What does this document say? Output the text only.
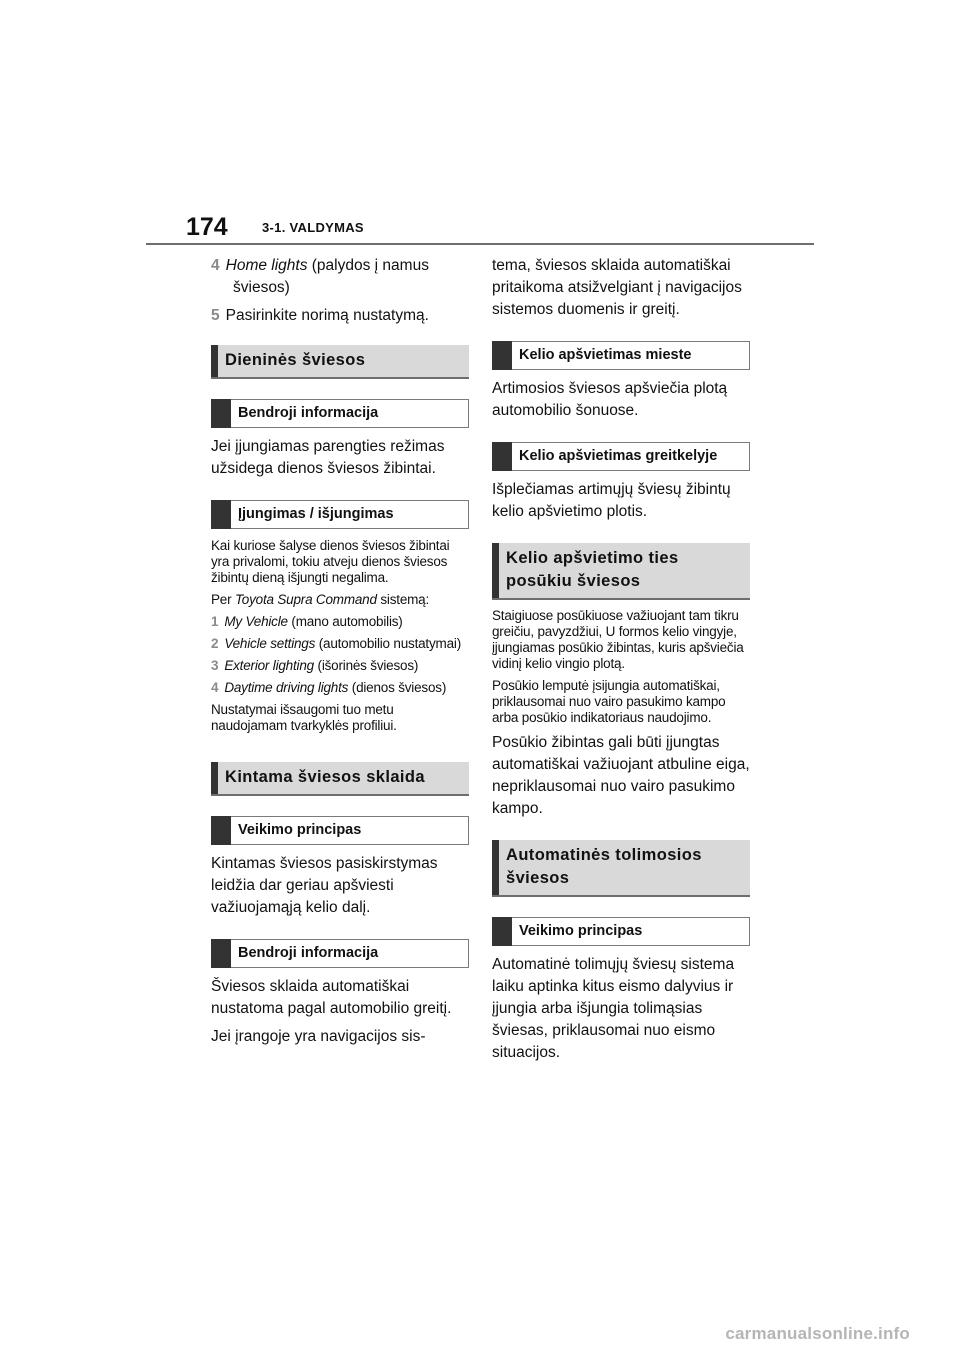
174	3-1. VALDYMAS

4 Home lights (palydos į namus šviesos)

5 Pasirinkite norimą nustatymą.

Dieninės šviesos
Bendroji informacija

Jei įjungiamas parengties režimas užsidega dienos šviesos žibintai.

Įjungimas / išjungimas

Kai kuriose šalyse dienos šviesos žibintai yra privalomi, tokiu atveju dienos šviesos žibintų dieną išjungti negalima.

Per Toyota Supra Command sistemą:

1 My Vehicle (mano automobilis)

2 Vehicle settings (automobilio nustatymai)

3 Exterior lighting (išorinės šviesos)

4 Daytime driving lights (dienos šviesos)

Nustatymai išsaugomi tuo metu naudojamam tvarkyklės profiliui.

Kintama šviesos sklaida
Veikimo principas

Kintamas šviesos pasiskirstymas leidžia dar geriau apšviesti važiuojamąją kelio dalį.

Bendroji informacija

Šviesos sklaida automatiškai nustatoma pagal automobilio greitį.

Jei įrangoje yra navigacijos sis-

tema, šviesos sklaida automatiškai pritaikoma atsižvelgiant į navigacijos sistemos duomenis ir greitį.

Kelio apšvietimas mieste

Artimosios šviesos apšviečia plotą automobilio šonuose.

Kelio apšvietimas greitkelyje

Išplečiamas artimųjų šviesų žibintų kelio apšvietimo plotis.

Kelio apšvietimo ties posūkiu šviesos

Staigiuose posūkiuose važiuojant tam tikru greičiu, pavyzdžiui, U formos kelio vingyje, įjungiamas posūkio žibintas, kuris apšviečia vidinį kelio vingio plotą.

Posūkio lemputė įsijungia automatiškai, priklausomai nuo vairo pasukimo kampo arba posūkio indikatoriaus naudojimo.

Posūkio žibintas gali būti įjungtas automatiškai važiuojant atbuline eiga, nepriklausomai nuo vairo pasukimo kampo.

Automatinės tolimosios šviesos
Veikimo principas

Automatinė tolimųjų šviesų sistema laiku aptinka kitus eismo dalyvius ir įjungia arba išjungia tolimąsias šviesas, priklausomai nuo eismo situacijos.

carmanualsonline.info
